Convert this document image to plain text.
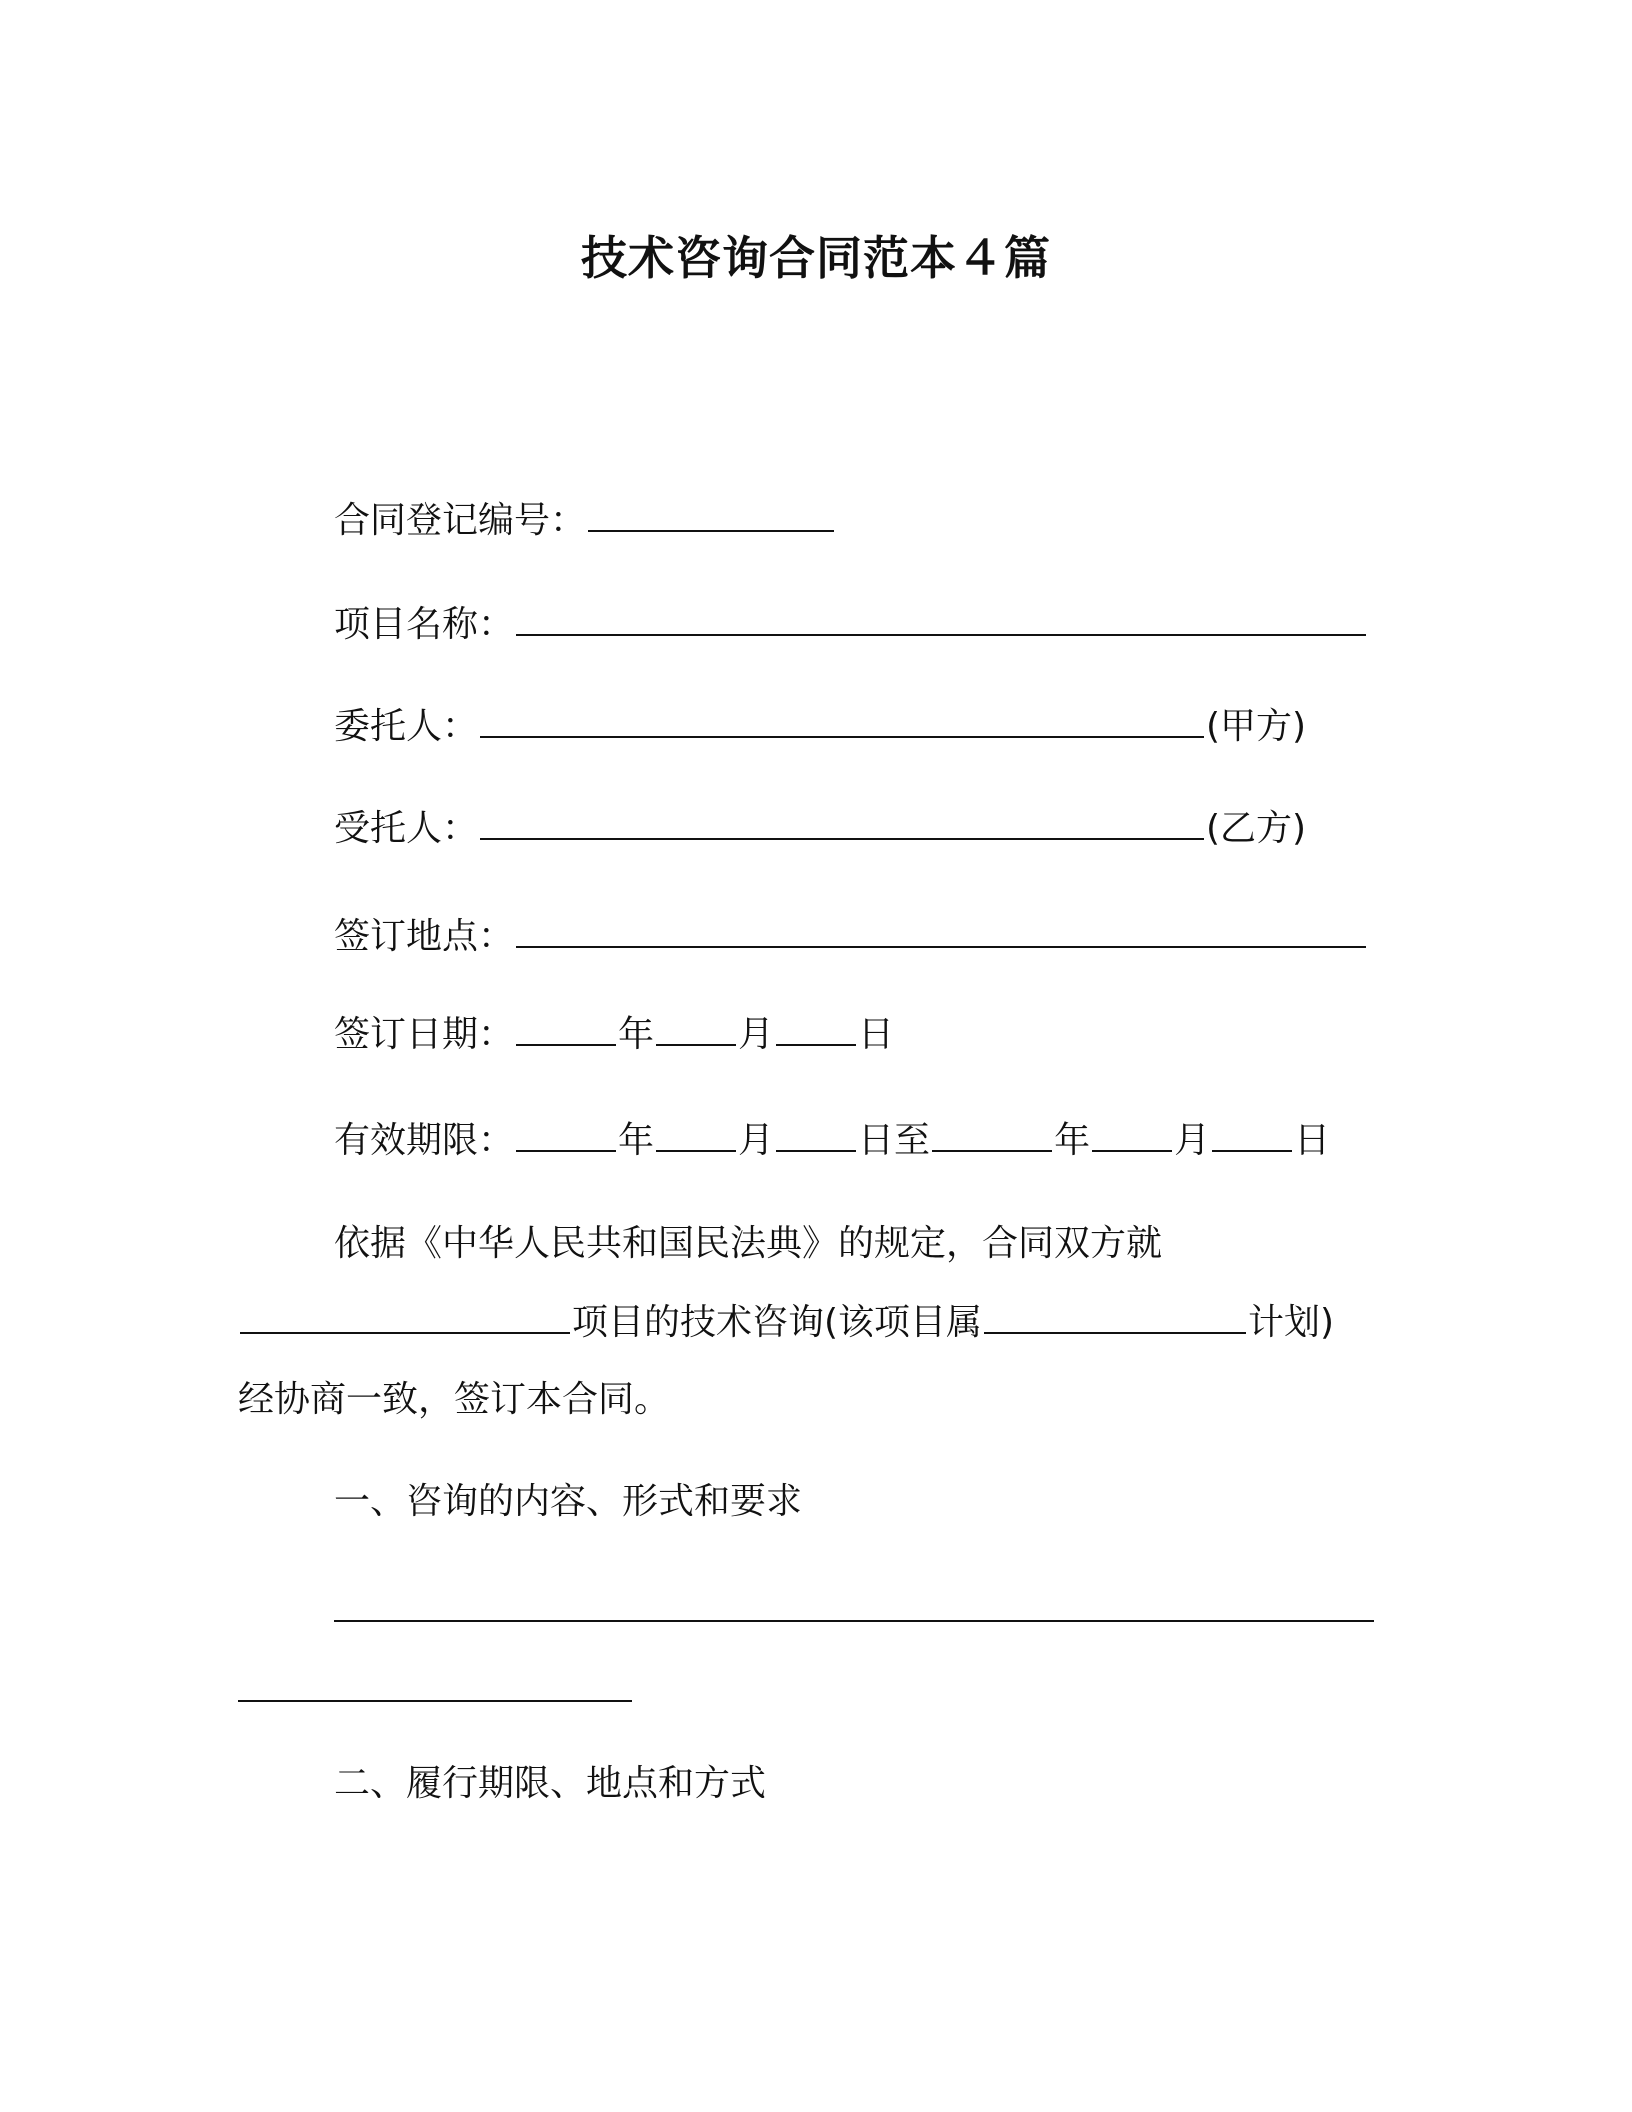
技术咨询合同范本４篇
合同登记编号：
项目名称：
委托人：	(甲方)
受托人：	(乙方)
签订地点：
签订日期：	年 月 日
有效期限：	年 月 日至	年 月 日
依据《中华人民共和国民法典》的规定，合同双方就
项目的技术咨询(该项目属	计划)
经协商一致，签订本合同。
一、咨询的内容、形式和要求
二、履行期限、地点和方式
